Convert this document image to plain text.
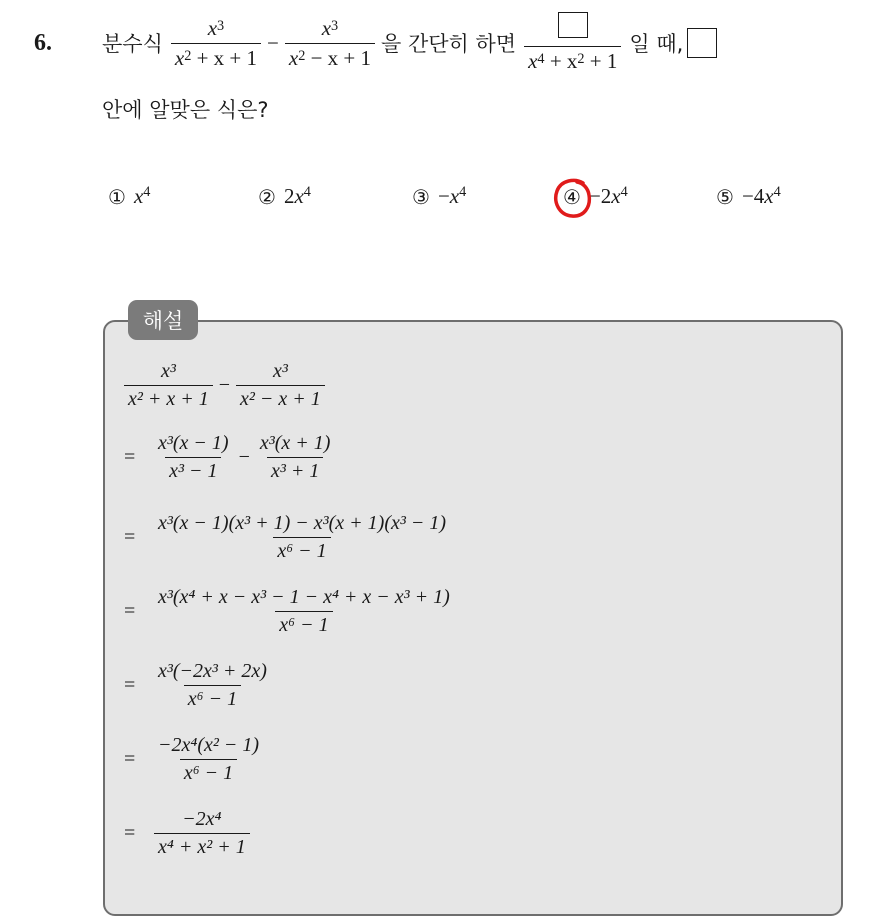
6. 분수식 $\frac{x^3}{x^2 + x + 1} - \frac{x^3}{x^2 - x + 1}$ 을 간단히 하면
$x^4 + x^2 + 1$
일 때,
안에 알맞은 식은?
① $x^4$	② 2 $x^4$	③ − $x^4$	④ −2 $x^4$	⑤ −4 $x^4$
해설
$\frac{\text{x³}}{\text{x² + x + 1}} - \frac{\text{x³}}{\text{x² − x + 1}}$
= $\frac{\text{x³(x − 1)}}{\text{x³ − 1}} - \frac{\text{x³(x + 1)}}{\text{x³ + 1}}$
= $\frac{\text{x³(x − 1)(x³ + 1) − x³(x + 1)(x³ − 1)}}{\text{x⁶ − 1}}$
= $\frac{\text{x³(x⁴ + x − x³ − 1 − x⁴ + x − x³ + 1)}}{\text{x⁶ − 1}}$
= $\frac{\text{x³(−2x³ + 2x)}}{\text{x⁶ − 1}}$
= $\frac{\text{−2x⁴(x² − 1)}}{\text{x⁶ − 1}}$
= $\frac{\text{−2x⁴}}{\text{x⁴ + x² + 1}}$
